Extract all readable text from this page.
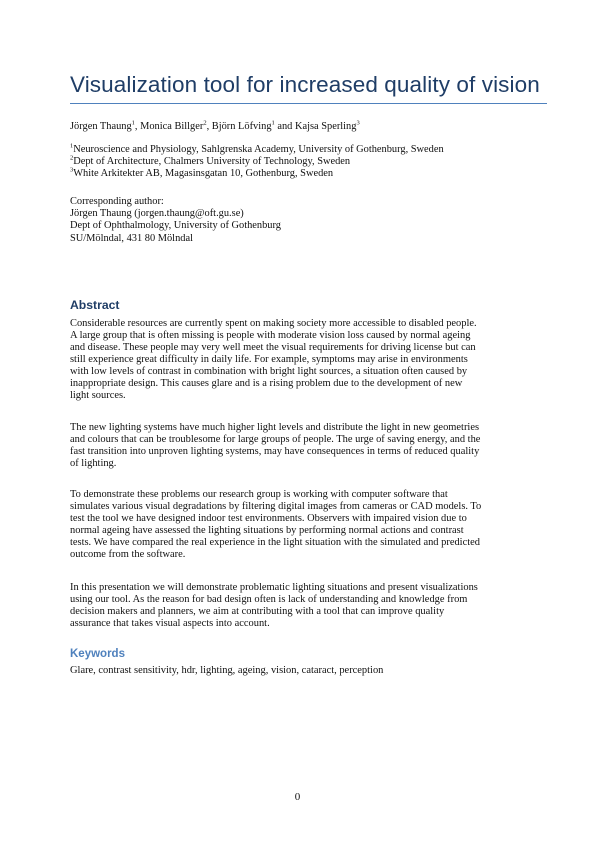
Visualization tool for increased quality of vision
Jörgen Thaung$^1$, Monica Billger$^2$, Björn Löfving$^1$ and Kajsa Sperling$^3$
$^1$Neuroscience and Physiology, Sahlgrenska Academy, University of Gothenburg, Sweden
$^2$Dept of Architecture, Chalmers University of Technology, Sweden
$^3$White Arkitekter AB, Magasinsgatan 10, Gothenburg, Sweden
Corresponding author:
Jörgen Thaung (jorgen.thaung@oft.gu.se)
Dept of Ophthalmology, University of Gothenburg
SU/Mölndal, 431 80 Mölndal
Abstract
Considerable resources are currently spent on making society more accessible to disabled people.
A large group that is often missing is people with moderate vision loss caused by normal ageing
and disease. These people may very well meet the visual requirements for driving license but can
still experience great difficulty in daily life. For example, symptoms may arise in environments
with low levels of contrast in combination with bright light sources, a situation often caused by
inappropriate design. This causes glare and is a rising problem due to the development of new
light sources.
The new lighting systems have much higher light levels and distribute the light in new geometries
and colours that can be troublesome for large groups of people. The urge of saving energy, and the
fast transition into unproven lighting systems, may have consequences in terms of reduced quality
of lighting.
To demonstrate these problems our research group is working with computer software that
simulates various visual degradations by filtering digital images from cameras or CAD models. To
test the tool we have designed indoor test environments. Observers with impaired vision due to
normal ageing have assessed the lighting situations by performing normal actions and contrast
tests. We have compared the real experience in the light situation with the simulated and predicted
outcome from the software.
In this presentation we will demonstrate problematic lighting situations and present visualizations
using our tool. As the reason for bad design often is lack of understanding and knowledge from
decision makers and planners, we aim at contributing with a tool that can improve quality
assurance that takes visual aspects into account.
Keywords
Glare, contrast sensitivity, hdr, lighting, ageing, vision, cataract, perception
0
